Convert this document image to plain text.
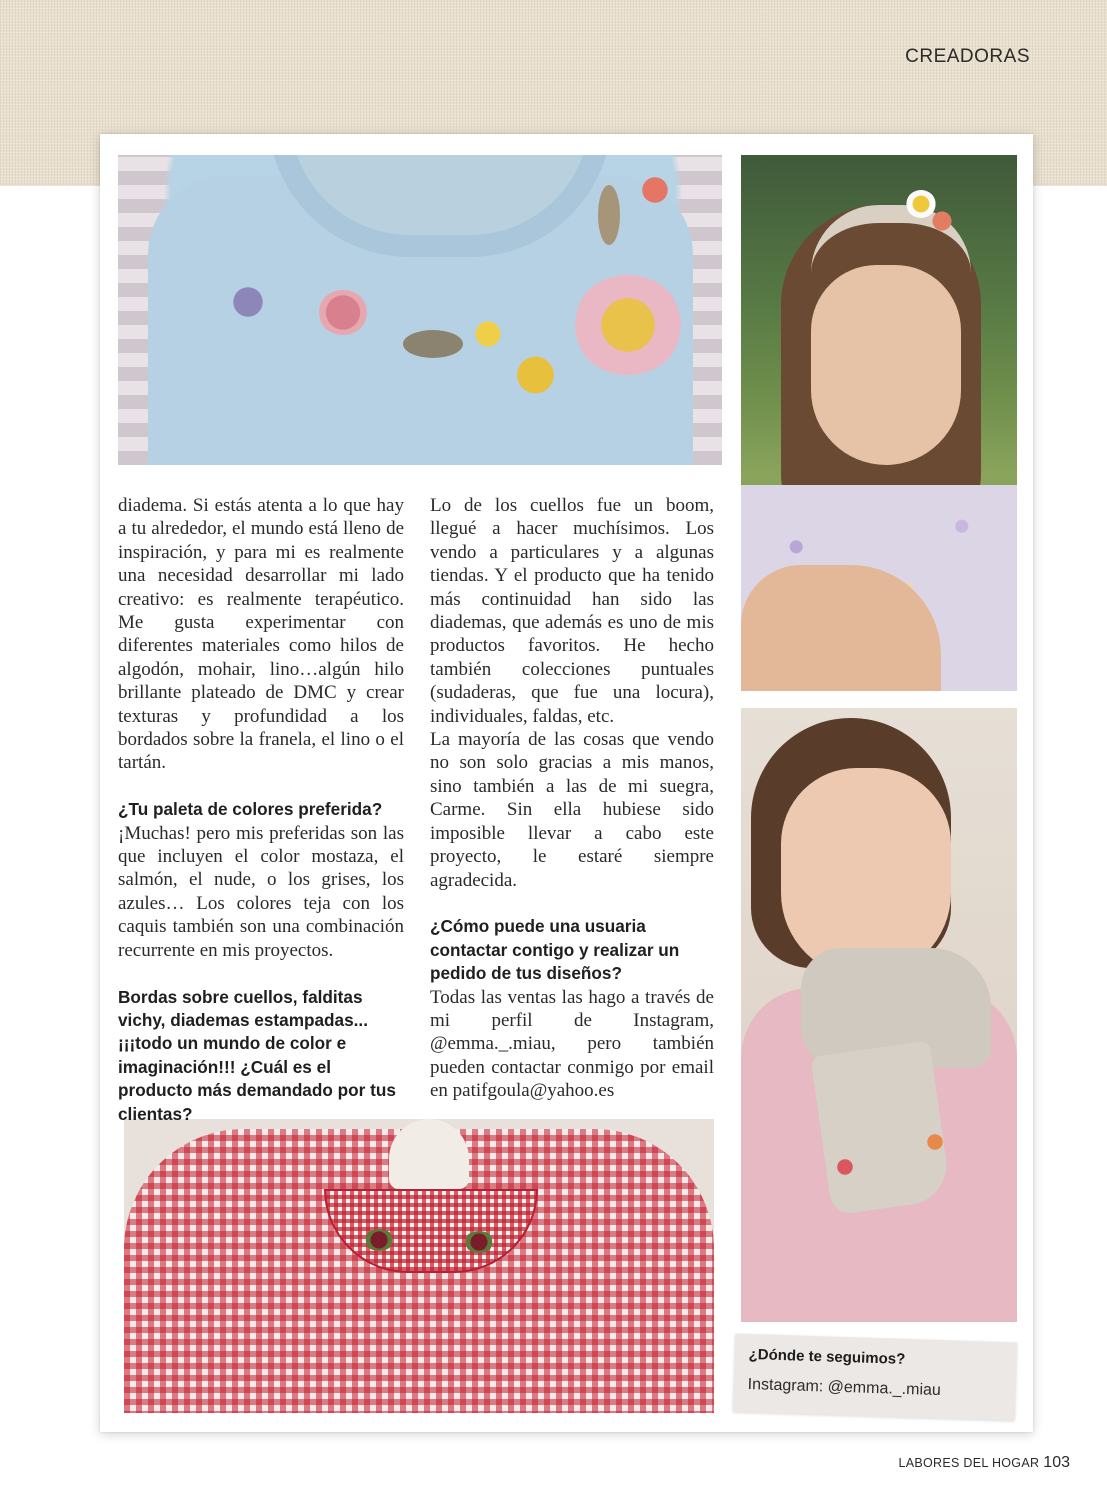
CREADORAS

diadema. Si estás atenta a lo que hay a tu alrededor, el mundo está lleno de inspiración, y para mi es realmente una necesidad desarrollar mi lado creativo: es realmente terapéutico. Me gusta experimentar con diferentes materiales como hilos de algodón, mohair, lino…algún hilo brillante plateado de DMC y crear texturas y profundidad a los bordados sobre la franela, el lino o el tartán.

¿Tu paleta de colores preferida?

¡Muchas! pero mis preferidas son las que incluyen el color mostaza, el salmón, el nude, o los grises, los azules… Los colores teja con los caquis también son una combinación recurrente en mis proyectos.

Bordas sobre cuellos, falditas vichy, diademas estampadas... ¡¡¡todo un mundo de color e imaginación!!! ¿Cuál es el producto más demandado por tus clientas?

Lo de los cuellos fue un boom, llegué a hacer muchísimos. Los vendo a particulares y a algunas tiendas. Y el producto que ha tenido más continuidad han sido las diademas, que además es uno de mis productos favoritos. He hecho también colecciones puntuales (sudaderas, que fue una locura), individuales, faldas, etc.

La mayoría de las cosas que vendo no son solo gracias a mis manos, sino también a las de mi suegra, Carme. Sin ella hubiese sido imposible llevar a cabo este proyecto, le estaré siempre agradecida.

¿Cómo puede una usuaria contactar contigo y realizar un pedido de tus diseños?

Todas las ventas las hago a través de mi perfil de Instagram, @emma._.miau, pero también pueden contactar conmigo por email en patifgoula@yahoo.es

¿Dónde te seguimos?
Instagram: @emma._.miau
LABORES DEL HOGAR 103
